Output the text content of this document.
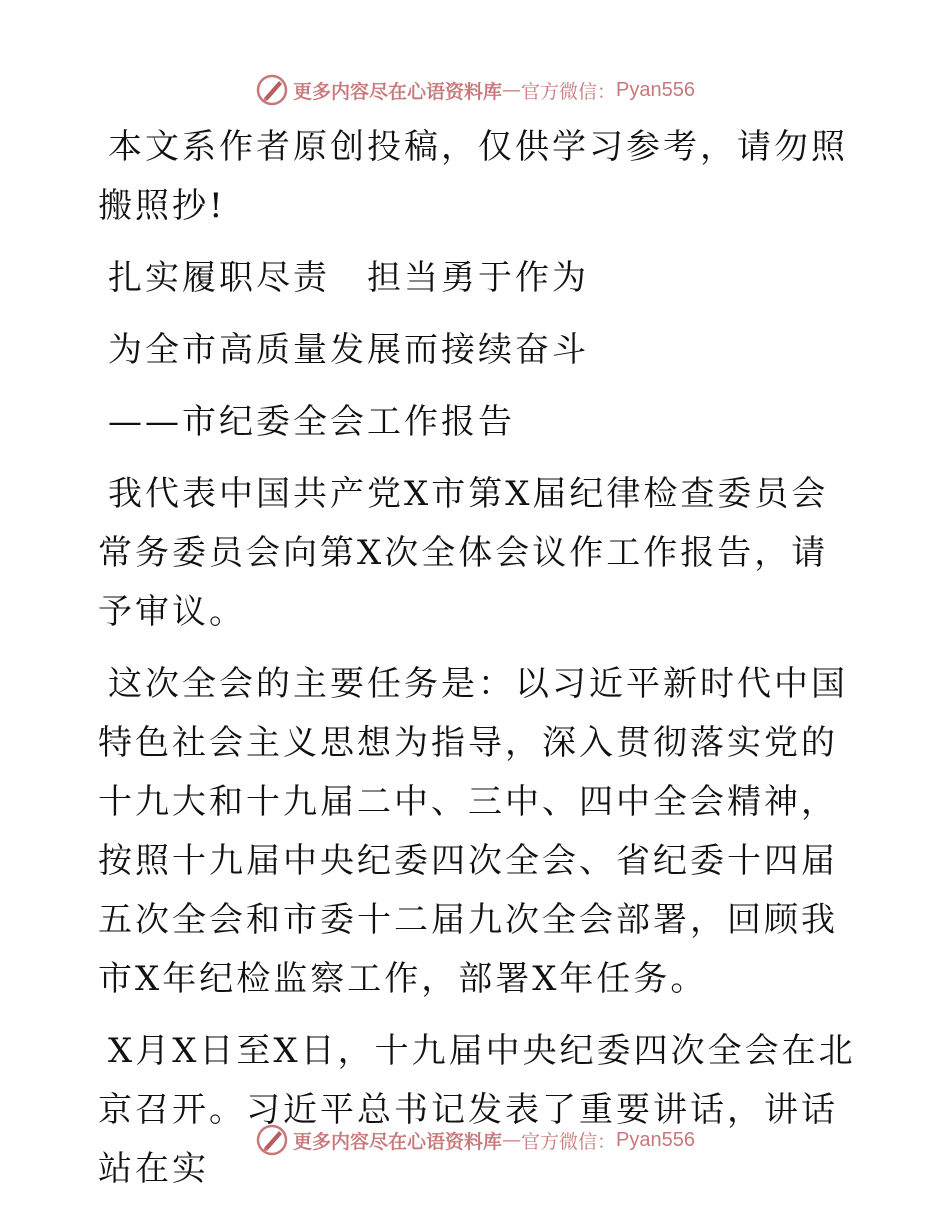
更多内容尽在心语资料库 — 官方微信： Pyan556

本文系作者原创投稿，仅供学习参考，请勿照搬照抄!

扎实履职尽责　担当勇于作为

为全市高质量发展而接续奋斗

——市纪委全会工作报告

我代表中国共产党X市第X届纪律检查委员会常务委员会向第X次全体会议作工作报告，请予审议。

这次全会的主要任务是：以习近平新时代中国特色社会主义思想为指导，深入贯彻落实党的十九大和十九届二中、三中、四中全会精神，按照十九届中央纪委四次全会、省纪委十四届五次全会和市委十二届九次全会部署，回顾我市X年纪检监察工作，部署X年任务。

X月X日至X日，十九届中央纪委四次全会在北京召开。习近平总书记发表了重要讲话，讲话站在实

更多内容尽在心语资料库 — 官方微信： Pyan556
